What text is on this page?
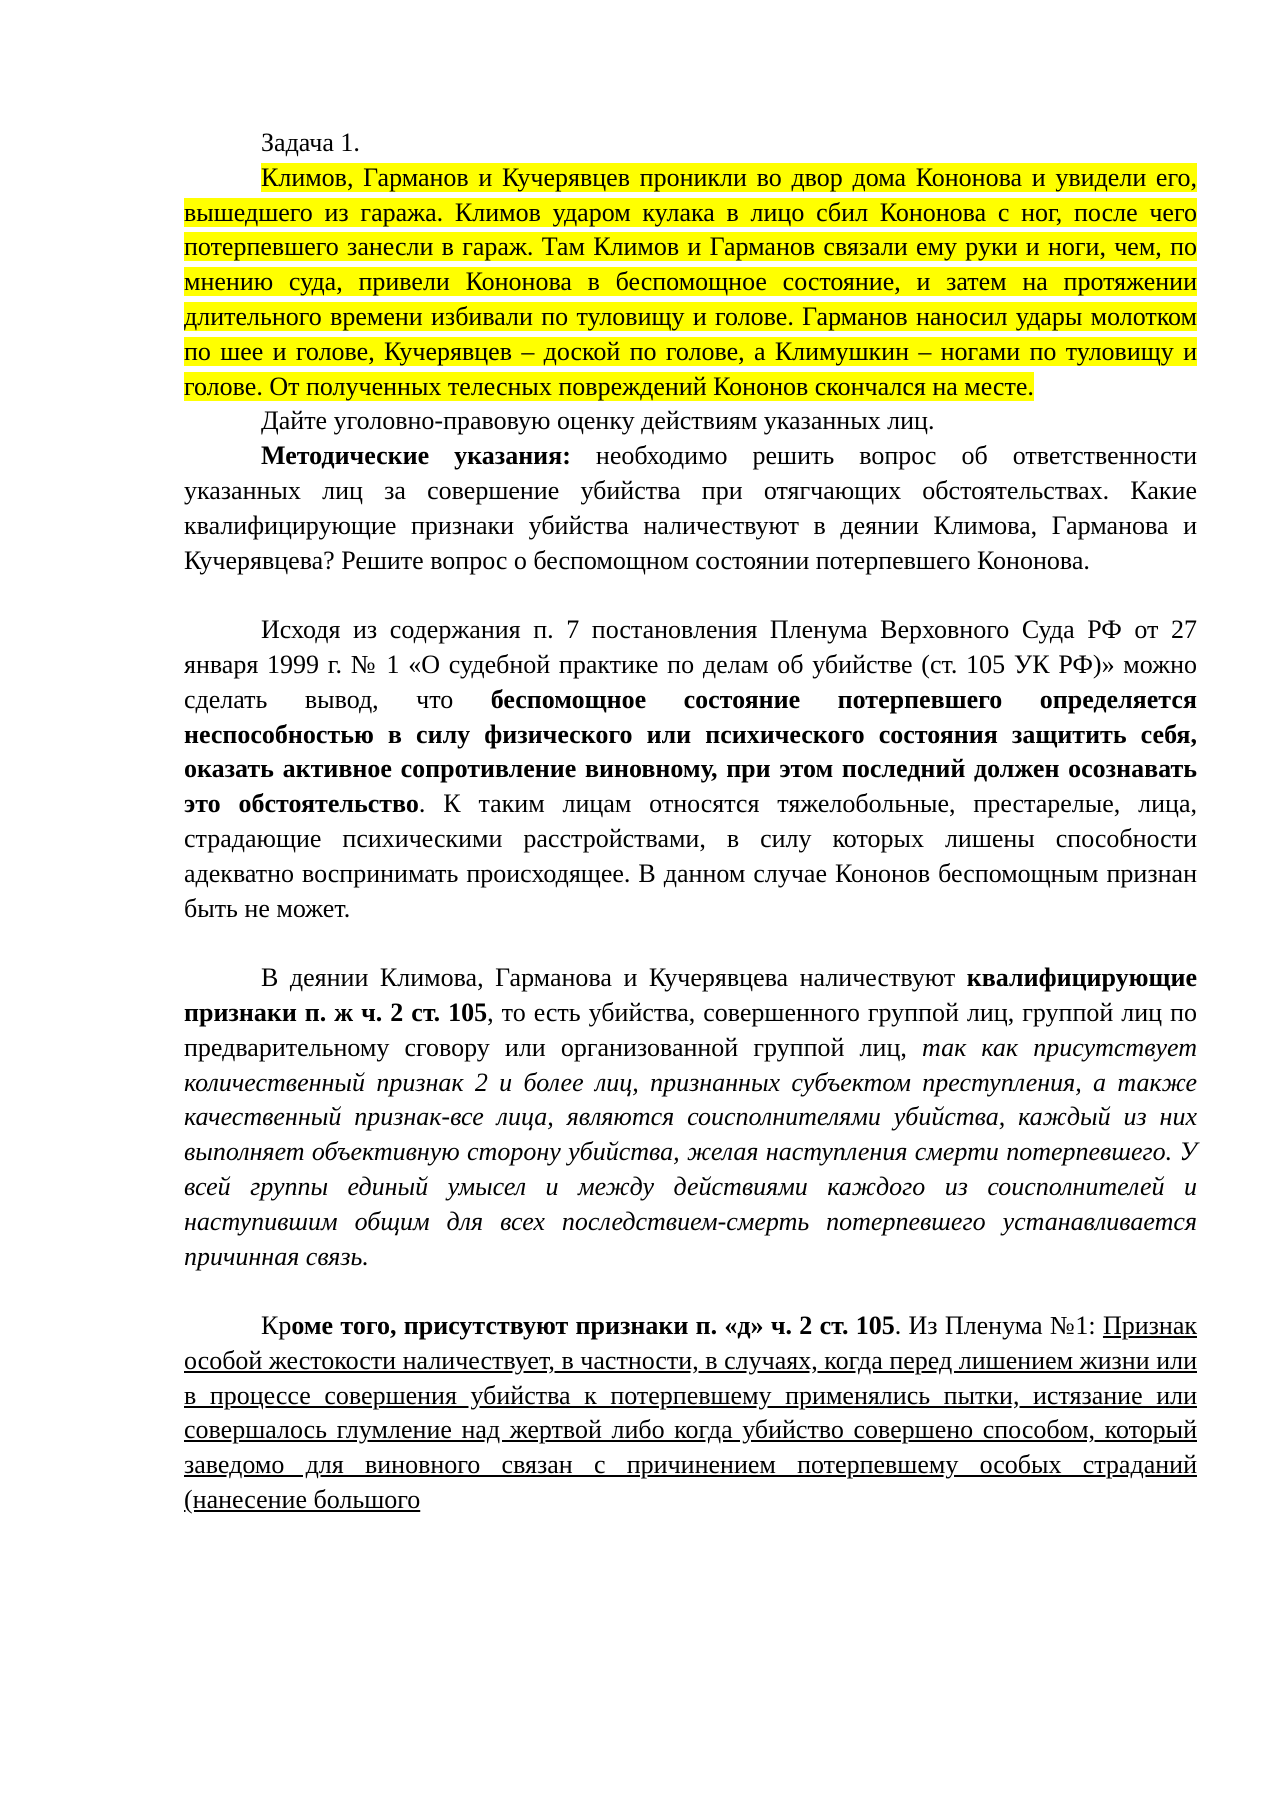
Задача 1.

Климов, Гарманов и Кучерявцев проникли во двор дома Кононова и увидели его, вышедшего из гаража. Климов ударом кулака в лицо сбил Кононова с ног, после чего потерпевшего занесли в гараж. Там Климов и Гарманов связали ему руки и ноги, чем, по мнению суда, привели Кононова в беспомощное состояние, и затем на протяжении длительного времени избивали по туловищу и голове. Гарманов наносил удары молотком по шее и голове, Кучерявцев – доской по голове, а Климушкин – ногами по туловищу и голове. От полученных телесных повреждений Кононов скончался на месте.

Дайте уголовно-правовую оценку действиям указанных лиц.

Методические указания: необходимо решить вопрос об ответственности указанных лиц за совершение убийства при отягчающих обстоятельствах. Какие квалифицирующие признаки убийства наличествуют в деянии Климова, Гарманова и Кучерявцева? Решите вопрос о беспомощном состоянии потерпевшего Кононова.

Исходя из содержания п. 7 постановления Пленума Верховного Суда РФ от 27 января 1999 г. № 1 «О судебной практике по делам об убийстве (ст. 105 УК РФ)» можно сделать вывод, что беспомощное состояние потерпевшего определяется неспособностью в силу физического или психического состояния защитить себя, оказать активное сопротивление виновному, при этом последний должен осознавать это обстоятельство. К таким лицам относятся тяжелобольные, престарелые, лица, страдающие психическими расстройствами, в силу которых лишены способности адекватно воспринимать происходящее. В данном случае Кононов беспомощным признан быть не может.

В деянии Климова, Гарманова и Кучерявцева наличествуют квалифицирующие признаки п. ж ч. 2 ст. 105, то есть убийства, совершенного группой лиц, группой лиц по предварительному сговору или организованной группой лиц, так как присутствует количественный признак 2 и более лиц, признанных субъектом преступления, а также качественный признак-все лица, являются соисполнителями убийства, каждый из них выполняет объективную сторону убийства, желая наступления смерти потерпевшего. У всей группы единый умысел и между действиями каждого из соисполнителей и наступившим общим для всех последствием-смерть потерпевшего устанавливается причинная связь.

Кроме того, присутствуют признаки п. «д» ч. 2 ст. 105. Из Пленума №1: Признак особой жестокости наличествует, в частности, в случаях, когда перед лишением жизни или в процессе совершения убийства к потерпевшему применялись пытки, истязание или совершалось глумление над жертвой либо когда убийство совершено способом, который заведомо для виновного связан с причинением потерпевшему особых страданий (нанесение большого
